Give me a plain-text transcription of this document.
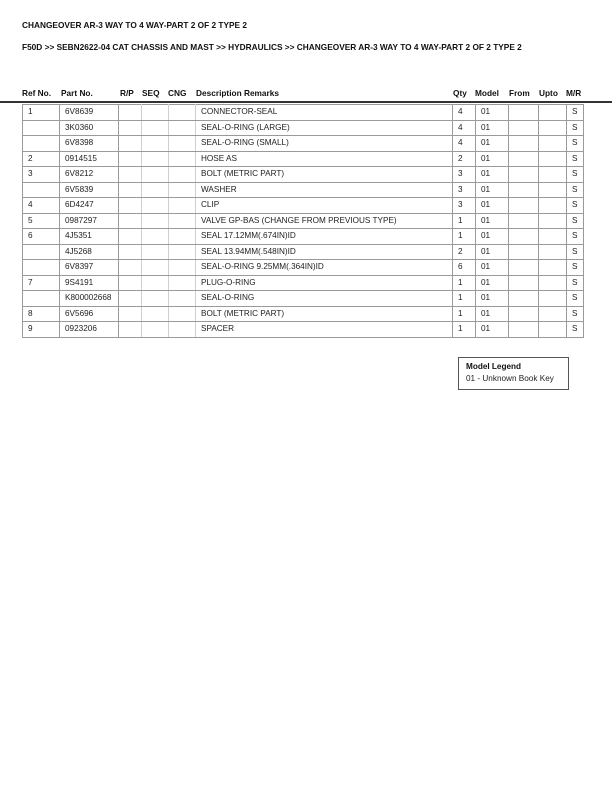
CHANGEOVER AR-3 WAY TO 4 WAY-PART 2 OF 2 TYPE 2
F50D >> SEBN2622-04 CAT CHASSIS AND MAST >> HYDRAULICS >> CHANGEOVER AR-3 WAY TO 4 WAY-PART 2 OF 2 TYPE 2
Ref No. Part No.	R/P SEQ CNG Description Remarks	Qty Model From Upto M/R
1	6V8639				CONNECTOR-SEAL	4	01			S
	3K0360				SEAL-O-RING (LARGE)	4	01			S
	6V8398				SEAL-O-RING (SMALL)	4	01			S
2	0914515				HOSE AS	2	01			S
3	6V8212				BOLT (METRIC PART)	3	01			S
	6V5839				WASHER	3	01			S
4	6D4247				CLIP	3	01			S
5	0987297				VALVE GP-BAS (CHANGE FROM PREVIOUS TYPE)	1	01			S
6	4J5351				SEAL 17.12MM(.674IN)ID	1	01			S
	4J5268				SEAL 13.94MM(.548IN)ID	2	01			S
	6V8397				SEAL-O-RING 9.25MM(.364IN)ID	6	01			S
7	9S4191				PLUG-O-RING	1	01			S
	K800002668				SEAL-O-RING	1	01			S
8	6V5696				BOLT (METRIC PART)	1	01			S
9	0923206				SPACER	1	01			S
Model Legend
01 - Unknown Book Key
